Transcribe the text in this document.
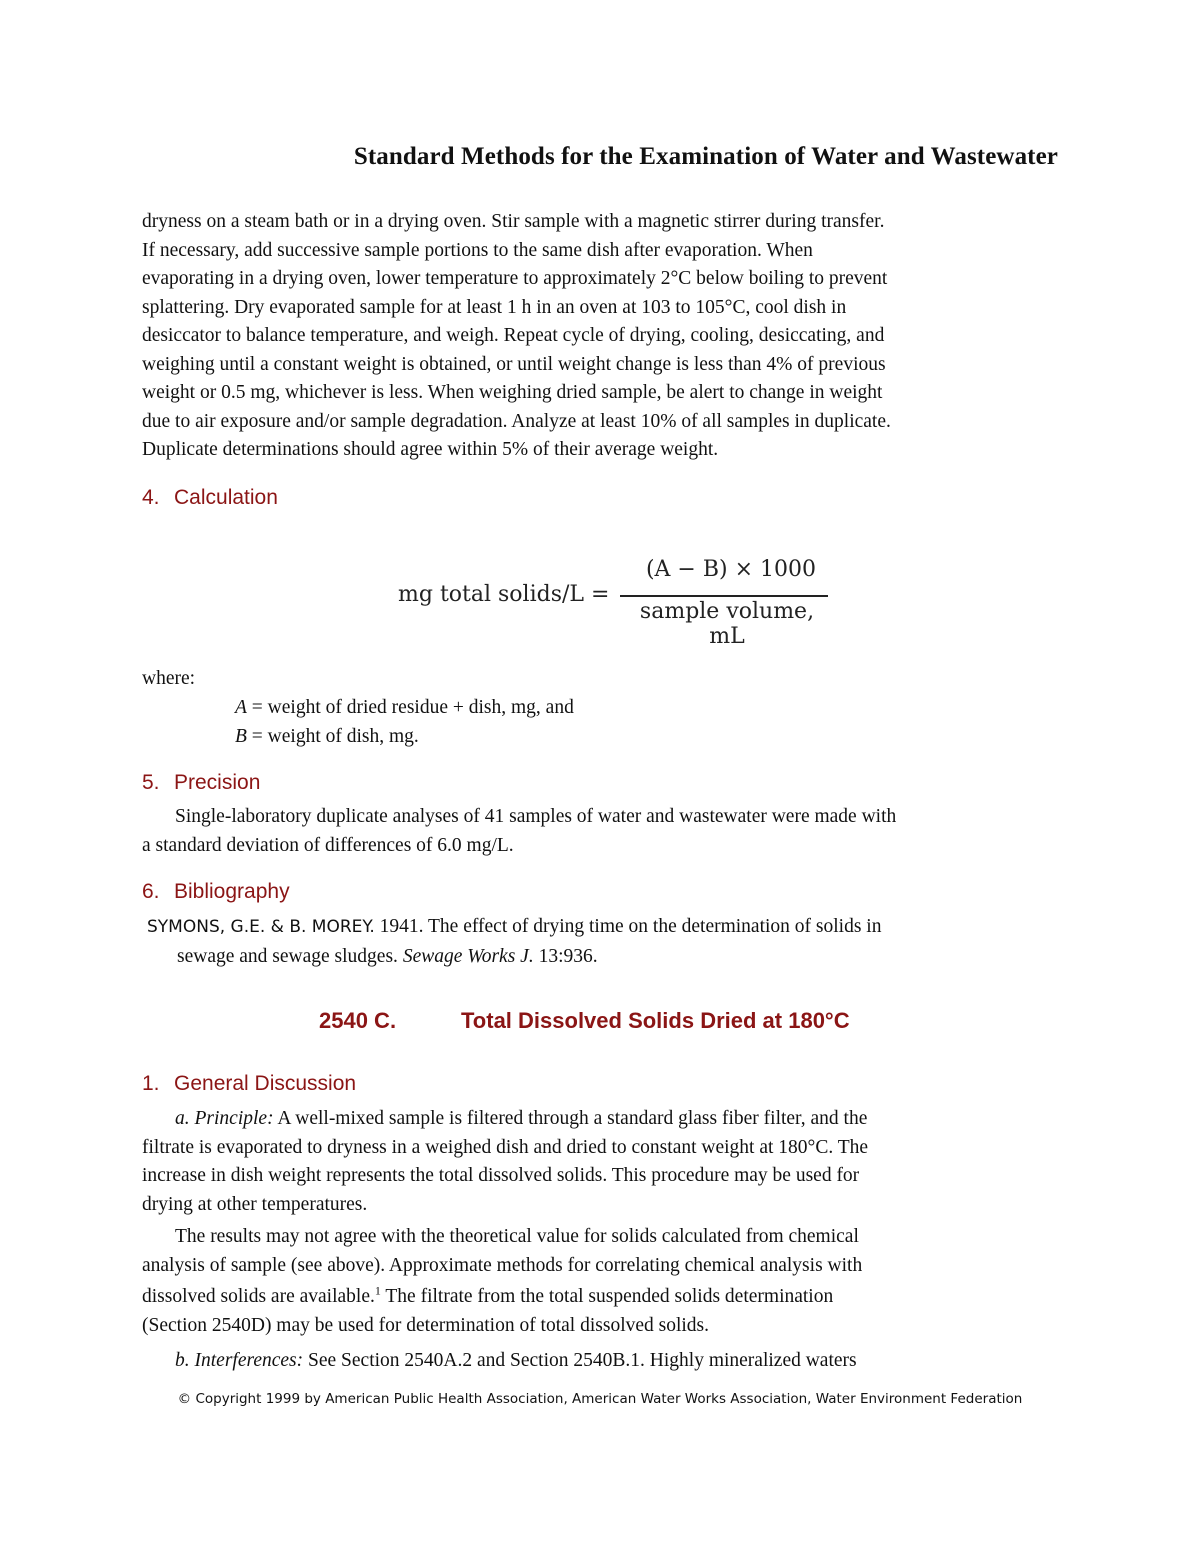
Standard Methods for the Examination of Water and Wastewater

dryness on a steam bath or in a drying oven. Stir sample with a magnetic stirrer during transfer.

If necessary, add successive sample portions to the same dish after evaporation. When

evaporating in a drying oven, lower temperature to approximately 2°C below boiling to prevent

splattering. Dry evaporated sample for at least 1 h in an oven at 103 to 105°C, cool dish in

desiccator to balance temperature, and weigh. Repeat cycle of drying, cooling, desiccating, and

weighing until a constant weight is obtained, or until weight change is less than 4% of previous

weight or 0.5 mg, whichever is less. When weighing dried sample, be alert to change in weight

due to air exposure and/or sample degradation. Analyze at least 10% of all samples in duplicate.

Duplicate determinations should agree within 5% of their average weight.

4. Calculation
mg total solids/L =
(A − B) × 1000
sample volume, mL
where:
A = weight of dried residue + dish, mg, and
B = weight of dish, mg.
5. Precision

Single-laboratory duplicate analyses of 41 samples of water and wastewater were made with

a standard deviation of differences of 6.0 mg/L.

6. Bibliography
SYMONS, G.E. & B. MOREY. 1941. The effect of drying time on the determination of solids in
sewage and sewage sludges. Sewage Works J. 13:936.
2540 C.	Total Dissolved Solids Dried at 180°C
1. General Discussion

a. Principle: A well-mixed sample is filtered through a standard glass fiber filter, and the

filtrate is evaporated to dryness in a weighed dish and dried to constant weight at 180°C. The

increase in dish weight represents the total dissolved solids. This procedure may be used for

drying at other temperatures.

The results may not agree with the theoretical value for solids calculated from chemical

analysis of sample (see above). Approximate methods for correlating chemical analysis with

dissolved solids are available.$^1$ The filtrate from the total suspended solids determination

(Section 2540D) may be used for determination of total dissolved solids.

b. Interferences: See Section 2540A.2 and Section 2540B.1. Highly mineralized waters

© Copyright 1999 by American Public Health Association, American Water Works Association, Water Environment Federation
